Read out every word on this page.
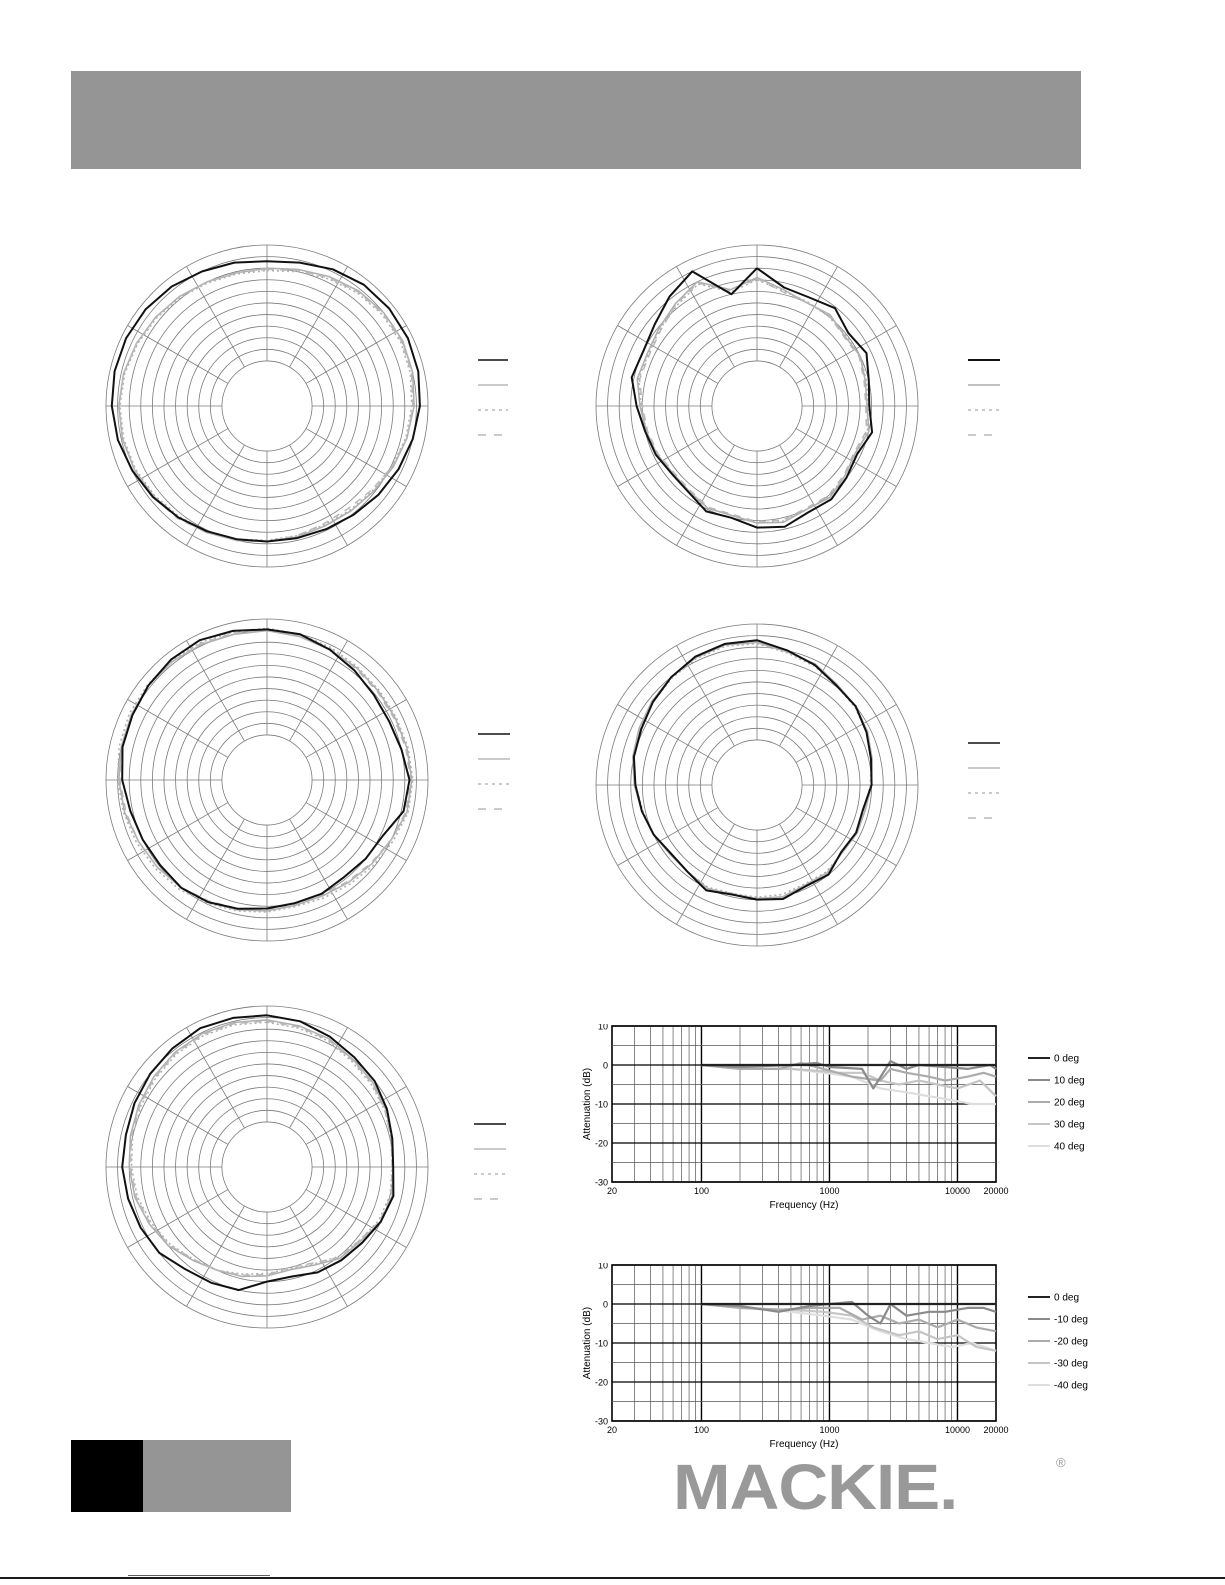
10
0
-10
-20
-30
20	100	1000	10000 20000
Frequency (Hz)
Attenuation (dB)
0 deg
10 deg
20 deg
30 deg
40 deg
10
0
-10
-20
-30
20	100	1000	10000 20000
Frequency (Hz)
Attenuation (dB)
0 deg
-10 deg
-20 deg
-30 deg
-40 deg
MACKIE.	®
